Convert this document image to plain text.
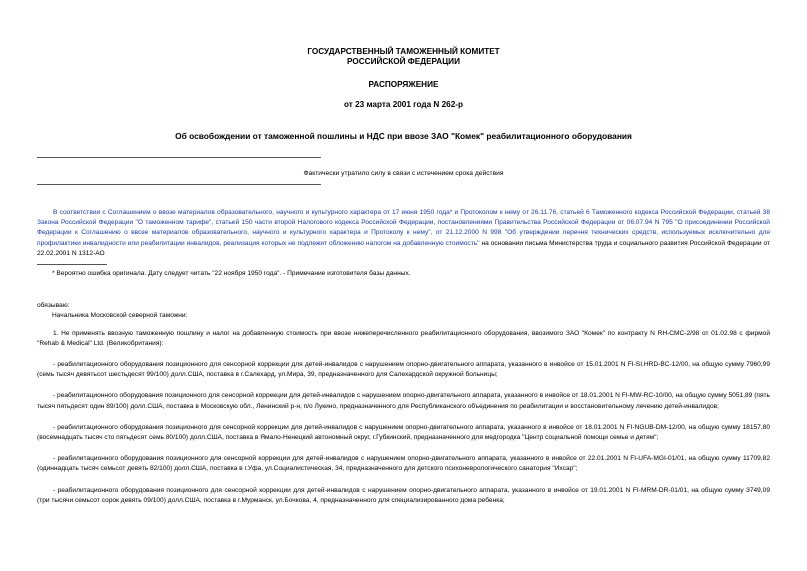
ГОСУДАРСТВЕННЫЙ ТАМОЖЕННЫЙ КОМИТЕТ
РОССИЙСКОЙ ФЕДЕРАЦИИ
РАСПОРЯЖЕНИЕ
от 23 марта 2001 года N 262-р
Об освобождении от таможенной пошлины и НДС при ввозе ЗАО "Комек" реабилитационного оборудования
Фактически утратило силу в связи с истечением срока действия
В соответствии с Соглашением о ввозе материалов образовательного, научного и культурного характера от 17 июня 1950 года* и Протоколом к нему от 26.11.76, статьей 6 Таможенного кодекса Российской Федерации, статьей 38 Закона Российской Федерации "О таможенном тарифе", статьей 150 части второй Налогового кодекса Российской Федерации, постановлениями Правительства Российской Федерации от 06.07.94 N 795 "О присоединении Российской Федерации к Соглашению о ввозе материалов образовательного, научного и культурного характера и Протоколу к нему", от 21.12.2000 N 998 "Об утверждении перечня технических средств, используемых исключительно для профилактики инвалидности или реабилитации инвалидов, реализация которых не подлежит обложению налогом на добавленную стоимость" на основании письма Министерства труда и социального развития Российской Федерации от 22.02.2001 N 1312-АО
* Вероятно ошибка оригинала. Дату следует читать "22 ноября 1950 года". - Примечание изготовителя базы данных.
обязываю:
Начальника Московской северной таможни:
1. Не применять ввозную таможенную пошлину и налог на добавленную стоимость при ввозе нижеперечисленного реабилитационного оборудования, ввозимого ЗАО "Комек" по контракту N RH-CMC-2/98 от 01.02.98 с фирмой "Rehab & Medical" Ltd. (Великобритания):
- реабилитационного оборудования позиционного для сенсорной коррекции для детей-инвалидов с нарушением опорно-двигательного аппарата, указанного в инвойсе от 15.01.2001 N FI-SI.HRD-BC-12/00, на общую сумму 7960,99 (семь тысяч девятьсот шестьдесят 99/100) долл.США, поставка в г.Салехард, ул.Мира, 39, предназначенного для Салехардской окружной больницы;
- реабилитационного оборудования позиционного для сенсорной коррекции для детей-инвалидов с нарушением опорно-двигательного аппарата, указанного в инвойсе от 18.01.2001 N FI-MW-RC-10/00, на общую сумму 5051,89 (пять тысяч пятьдесят один 89/100) долл.США, поставка в Московскую обл., Ленинский р-н, п/о Лукино, предназначенного для Республиканского объединения по реабилитации и восстановительному лечению детей-инвалидов;
- реабилитационного оборудования позиционного для сенсорной коррекции для детей-инвалидов с нарушением опорно-двигательного аппарата, указанного в инвойсе от 18.01.2001 N FI-NGUB-DM-12/00, на общую сумму 18157,80 (восемнадцать тысяч сто пятьдесят семь 80/100) долл.США, поставка в Ямало-Ненецкий автономный округ, г.Губкинский, предназначенного для медгородка "Центр социальной помощи семье и детям";
- реабилитационного оборудования позиционного для сенсорной коррекции для детей-инвалидов с нарушением опорно-двигательного аппарата, указанного в инвойсе от 22.01.2001 N FI-UFA-MGI-01/01, на общую сумму 11709,82 (одиннадцать тысяч семьсот девять 82/100) долл.США, поставка в г.Уфа, ул.Социалистическая, 34, предназначенного для детского психоневрологического санатория "Ихсар";
- реабилитационного оборудования позиционного для сенсорной коррекции для детей-инвалидов с нарушением опорно-двигательного аппарата, указанного в инвойсе от 19.01.2001 N FI-MRM-DR-01/01, на общую сумму 3749,09 (три тысячи семьсот сорок девять 09/100) долл.США, поставка в г.Мурманск, ул.Бочкова, 4, предназначенного для специализированного дома ребенка;
